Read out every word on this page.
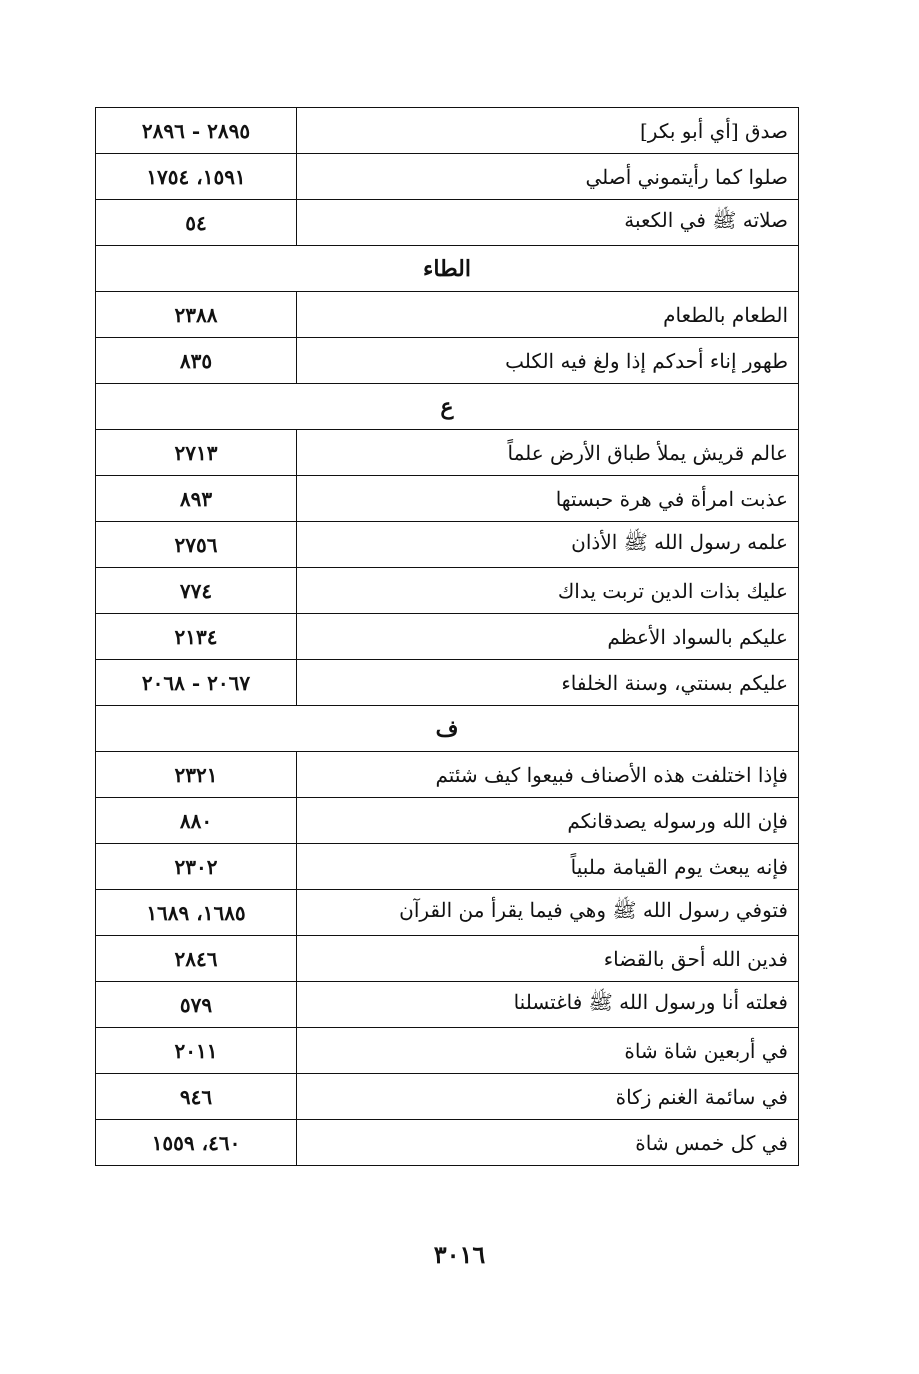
صدق [أي أبو بكر]	٢٨٩٥ - ٢٨٩٦
صلوا كما رأيتموني أصلي	١٥٩١، ١٧٥٤
صلاته ﷺ في الكعبة	٥٤
الطاء	
الطعام بالطعام	٢٣٨٨
طهور إناء أحدكم إذا ولغ فيه الكلب	٨٣٥
ع	
عالم قريش يملأ طباق الأرض علماً	٢٧١٣
عذبت امرأة في هرة حبستها	٨٩٣
علمه رسول الله ﷺ الأذان	٢٧٥٦
عليك بذات الدين تربت يداك	٧٧٤
عليكم بالسواد الأعظم	٢١٣٤
عليكم بسنتي، وسنة الخلفاء	٢٠٦٧ - ٢٠٦٨
ف	
فإذا اختلفت هذه الأصناف فبيعوا كيف شئتم	٢٣٢١
فإن الله ورسوله يصدقانكم	٨٨٠
فإنه يبعث يوم القيامة ملبياً	٢٣٠٢
فتوفي رسول الله ﷺ وهي فيما يقرأ من القرآن	١٦٨٥، ١٦٨٩
فدين الله أحق بالقضاء	٢٨٤٦
فعلته أنا ورسول الله ﷺ فاغتسلنا	٥٧٩
في أربعين شاة شاة	٢٠١١
في سائمة الغنم زكاة	٩٤٦
في كل خمس شاة	٤٦٠، ١٥٥٩
٣٠١٦
